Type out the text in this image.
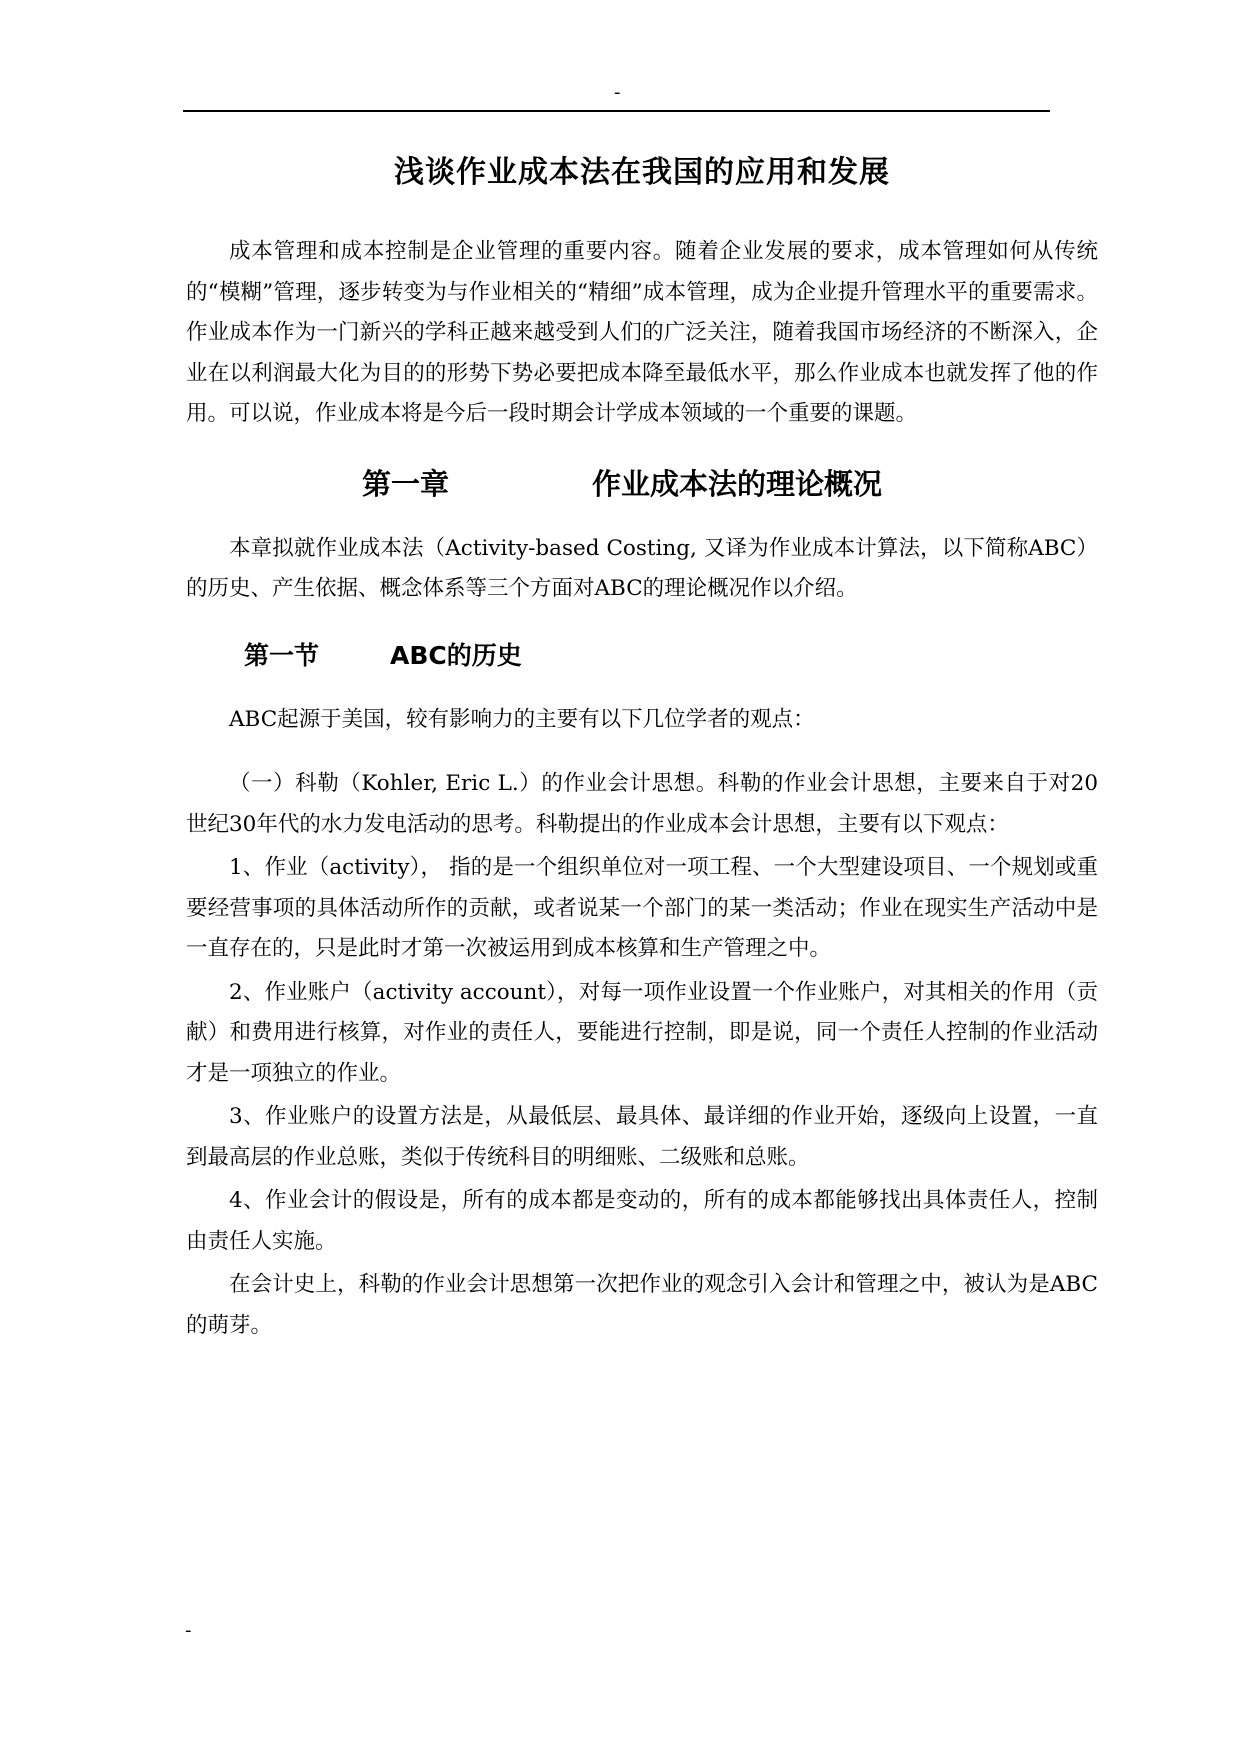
-
浅谈作业成本法在我国的应用和发展

成本管理和成本控制是企业管理的重要内容。随着企业发展的要求，成本管理如何从传统的“模糊”管理，逐步转变为与作业相关的“精细”成本管理，成为企业提升管理水平的重要需求。作业成本作为一门新兴的学科正越来越受到人们的广泛关注，随着我国市场经济的不断深入，企业在以利润最大化为目的的形势下势必要把成本降至最低水平，那么作业成本也就发挥了他的作用。可以说，作业成本将是今后一段时期会计学成本领域的一个重要的课题。

第一章	作业成本法的理论概况

本章拟就作业成本法（Activity-based Costing, 又译为作业成本计算法，以下简称ABC）的历史、产生依据、概念体系等三个方面对ABC的理论概况作以介绍。

第一节	ABC的历史

ABC起源于美国，较有影响力的主要有以下几位学者的观点：

（一）科勒（Kohler, Eric L.）的作业会计思想。科勒的作业会计思想，主要来自于对20世纪30年代的水力发电活动的思考。科勒提出的作业成本会计思想，主要有以下观点：

1、作业（activity）， 指的是一个组织单位对一项工程、一个大型建设项目、一个规划或重要经营事项的具体活动所作的贡献，或者说某一个部门的某一类活动；作业在现实生产活动中是一直存在的，只是此时才第一次被运用到成本核算和生产管理之中。

2、作业账户（activity account），对每一项作业设置一个作业账户，对其相关的作用（贡献）和费用进行核算，对作业的责任人，要能进行控制，即是说，同一个责任人控制的作业活动才是一项独立的作业。

3、作业账户的设置方法是，从最低层、最具体、最详细的作业开始，逐级向上设置，一直到最高层的作业总账，类似于传统科目的明细账、二级账和总账。

4、作业会计的假设是，所有的成本都是变动的，所有的成本都能够找出具体责任人，控制由责任人实施。

在会计史上，科勒的作业会计思想第一次把作业的观念引入会计和管理之中，被认为是ABC的萌芽。

-
